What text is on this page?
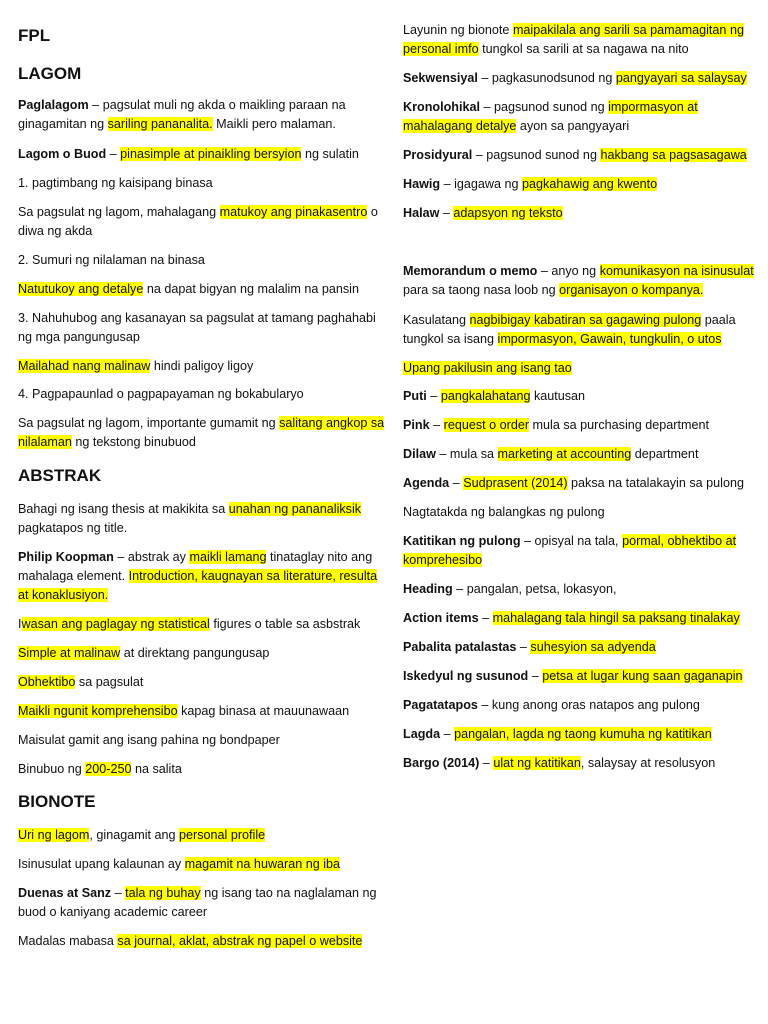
FPL
LAGOM
Paglalagom – pagsulat muli ng akda o maikling paraan na ginagamitan ng sariling pananalita. Maikli pero malaman.
Lagom o Buod – pinasimple at pinaikling bersyion ng sulatin
1. pagtimbang ng kaisipang binasa
Sa pagsulat ng lagom, mahalagang matukoy ang pinakasentro o diwa ng akda
2. Sumuri ng nilalaman na binasa
Natutukoy ang detalye na dapat bigyan ng malalim na pansin
3. Nahuhubog ang kasanayan sa pagsulat at tamang paghahabi ng mga pangungusap
Mailahad nang malinaw hindi paligoy ligoy
4. Pagpapaunlad o pagpapayaman ng bokabularyo
Sa pagsulat ng lagom, importante gumamit ng salitang angkop sa nilalaman ng tekstong binubuod
ABSTRAK
Bahagi ng isang thesis at makikita sa unahan ng pananaliksik pagkatapos ng title.
Philip Koopman – abstrak ay maikli lamang tinataglay nito ang mahalaga element. Introduction, kaugnayan sa literature, resulta at konaklusiyon.
Iwasan ang paglagay ng statistical figures o table sa asbstrak
Simple at malinaw at direktang pangungusap
Obhektibo sa pagsulat
Maikli ngunit komprehensibo kapag binasa at mauunawaan
Maisulat gamit ang isang pahina ng bondpaper
Binubuo ng 200-250 na salita
BIONOTE
Uri ng lagom, ginagamit ang personal profile
Isinusulat upang kalaunan ay magamit na huwaran ng iba
Duenas at Sanz – tala ng buhay ng isang tao na naglalaman ng buod o kaniyang academic career
Madalas mabasa sa journal, aklat, abstrak ng papel o website
Layunin ng bionote maipakilala ang sarili sa pamamagitan ng personal imfo tungkol sa sarili at sa nagawa na nito
Sekwensiyal – pagkasunodsunod ng pangyayari sa salaysay
Kronolohikal – pagsunod sunod ng impormasyon at mahalagang detalye ayon sa pangyayari
Prosidyural – pagsunod sunod ng hakbang sa pagsasagawa
Hawig – igagawa ng pagkahawig ang kwento
Halaw – adapsyon ng teksto
Memorandum o memo – anyo ng komunikasyon na isinusulat para sa taong nasa loob ng organisayon o kompanya.
Kasulatang nagbibigay kabatiran sa gagawing pulong paala tungkol sa isang impormasyon, Gawain, tungkulin, o utos
Upang pakilusin ang isang tao
Puti – pangkalahatang kautusan
Pink – request o order mula sa purchasing department
Dilaw – mula sa marketing at accounting department
Agenda – Sudprasent (2014) paksa na tatalakayin sa pulong
Nagtatakda ng balangkas ng pulong
Katitikan ng pulong – opisyal na tala, pormal, obhektibo at komprehesibo
Heading – pangalan, petsa, lokasyon,
Action items – mahalagang tala hingil sa paksang tinalakay
Pabalita patalastas – suhesyion sa adyenda
Iskedyul ng susunod – petsa at lugar kung saan gaganapin
Pagatatapos – kung anong oras natapos ang pulong
Lagda – pangalan, lagda ng taong kumuha ng katitikan
Bargo (2014) – ulat ng katitikan, salaysay at resolusyon
